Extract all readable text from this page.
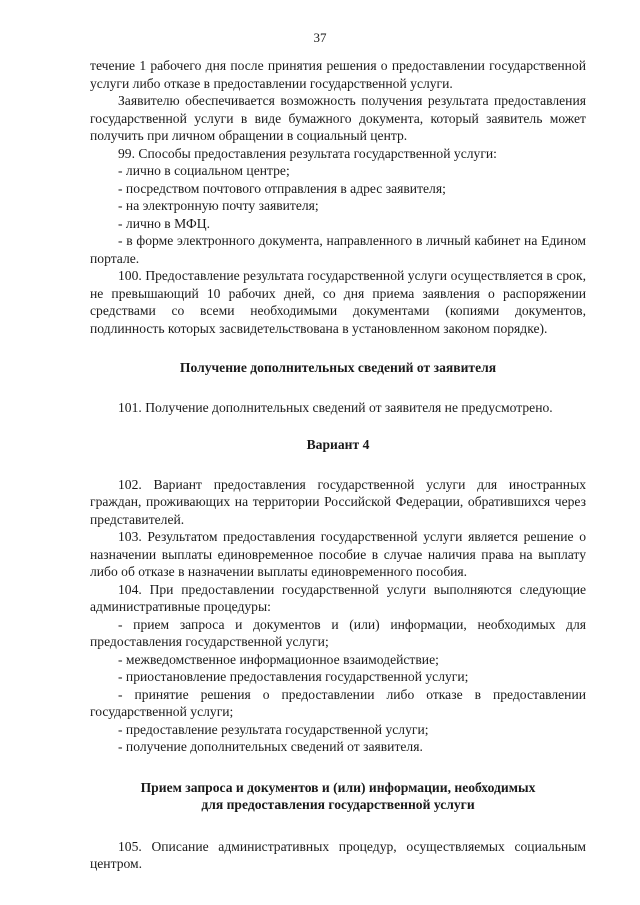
37

течение 1 рабочего дня после принятия решения о предоставлении государственной услуги либо отказе в предоставлении государственной услуги.

Заявителю обеспечивается возможность получения результата предоставления государственной услуги в виде бумажного документа, который заявитель может получить при личном обращении в социальный центр.

99. Способы предоставления результата государственной услуги:

- лично в социальном центре;

- посредством почтового отправления в адрес заявителя;

- на электронную почту заявителя;

- лично в МФЦ.

- в форме электронного документа, направленного в личный кабинет на Едином портале.

100. Предоставление результата государственной услуги осуществляется в срок, не превышающий 10 рабочих дней, со дня приема заявления о распоряжении средствами со всеми необходимыми документами (копиями документов, подлинность которых засвидетельствована в установленном законом порядке).

Получение дополнительных сведений от заявителя

101. Получение дополнительных сведений от заявителя не предусмотрено.

Вариант 4

102. Вариант предоставления государственной услуги для иностранных граждан, проживающих на территории Российской Федерации, обратившихся через представителей.

103. Результатом предоставления государственной услуги является решение о назначении выплаты единовременное пособие в случае наличия права на выплату либо об отказе в назначении выплаты единовременного пособия.

104. При предоставлении государственной услуги выполняются следующие административные процедуры:

- прием запроса и документов и (или) информации, необходимых для предоставления государственной услуги;

- межведомственное информационное взаимодействие;

- приостановление предоставления государственной услуги;

- принятие решения о предоставлении либо отказе в предоставлении государственной услуги;

- предоставление результата государственной услуги;

- получение дополнительных сведений от заявителя.

Прием запроса и документов и (или) информации, необходимых
для предоставления государственной услуги

105. Описание административных процедур, осуществляемых социальным центром.
